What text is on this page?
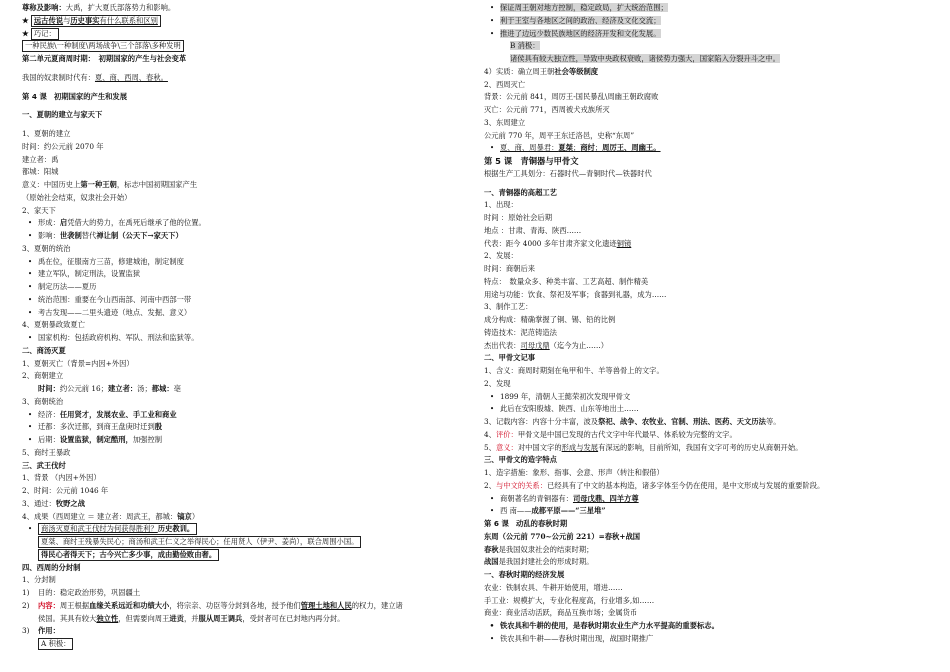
尊称及影响：大禹，扩大夏氏部落势力和影响。
★ 远古传说与历史事实有什么联系和区别
★ 巧记：
一种民族\一种制度\两场战争\三个部落\多种发明
第二单元夏商周时期：　 初期国家的产生与社会变革
我国的奴隶制时代有：夏、商、西周、春秋。
第 4 课　初期国家的产生和发展
一、夏朝的建立与家天下
1、夏朝的建立
时间：约公元前 2070 年
建立者：禹
都城：阳城
意义：中国历史上第一种王朝，标志中国初期国家产生
（原始社会结束，奴隶社会开始）
2、家天下
• 形成：启凭借大的势力，在禹死后继承了他的位置。
• 影响：世袭制替代禅让制（公天下→家天下）
3、夏朝的统治
• 禹在位，征服南方三苗，修建城池，制定制度
• 建立军队，制定刑法，设置监狱
• 制定历法——夏历
• 统治范围：重要在今山西南部、河南中西部一带
• 考古发现——二里头遗迹（地点、发掘、意义）
4、夏朝暴政致夏亡
• 国家机构：包括政府机构、军队、刑法和监狱等。
二、商汤灭夏
1、夏朝灭亡（背景=内因+外因）
2、商朝建立
时间：约公元前 16；建立者：汤；都城：亳
3、商朝统治
• 经济：任用贤才，发展农业、手工业和商业
• 迁都：多次迁都，到商王盘庚时迁到殷
• 后期：设置监狱，制定酷刑，加强控制
5、商纣王暴政
三、武王伐纣
1、背景 （内因+外因）
2、时间：公元前 1046 年
3、通过：牧野之战
4、成果（西周建立 ＝ 建立者：周武王，都城：镐京）
• 商汤灭夏和武王伐纣为何获得胜利？历史教训。
夏桀、商纣王残暴失民心；商汤和武王仁义之举得民心；任用贤人（伊尹、姜尚），联合周围小国。
得民心者得天下；古今兴亡多少事，成由勤俭败由奢。
四、西周的分封制
1、分封制
1) 目的：稳定政治形势，巩固疆土
2) 内容：周王根据血缘关系远近和功绩大小，将宗亲、功臣等分封到各地，授予他们管理土地和人民的权力，建立诸
侯国。其具有较大独立性，但需要向周王进贡，并服从周王调兵，受封者可在已封地内再分封。
3) 作用：
A 积极：
• 保证周王朝对地方控制，稳定政局，扩大统治范围；
• 利于王室与各地区之间的政治、经济及文化交流；
• 推进了边远少数民族地区的经济开发和文化发展。
B 消极：
诸侯具有较大独立性，导致中央政权衰败，诸侯势力强大，国家陷入分裂升斗之中。
4）实质：确立周王朝社会等级制度
2、西周灭亡
背景：公元前 841，周厉王-国民暴乱\周幽王朝政腐败
灭亡：公元前 771，西周被犬戎族所灭
3、东周建立
公元前 770 年，周平王东迁洛邑，史称“东周”
• 夏、商、周暴君：夏桀；商纣；周厉王、周幽王。
第 5 课　青铜器与甲骨文
根据生产工具划分：石器时代—青铜时代—铁器时代
一、青铜器的高超工艺
1、出现：
时间 ：原始社会后期
地点 ：甘肃、青海、陕西……
代表：距今 4000 多年甘肃齐家文化遗迹铜镜
2、发展：
时间：商朝后来
特点：　数量众多、种类丰富、工艺高超、制作精美
用途与功能：饮食、祭祀及军事；食器到礼器，成为……
3、制作工艺：
成分构成：精确掌握了铜、锡、铅的比例
铸造技术：泥范铸造法
杰出代表：司母戊鼎（迄今为止……）
二、甲骨文记事
1、含义：商周时期刻在龟甲和牛、羊等兽骨上的文字。
2、发现
• 1899 年，清朝人王懿荣初次发现甲骨文
• 此后在安阳殷墟、陕西、山东等地出土……
3、记载内容：内容十分丰富，波及祭祀、战争、农牧业、官制、刑法、医药、天文历法等。
4、评价：甲骨文是中国已发现的古代文字中年代最早、体系较为完整的文字。
5、意义：对中国文字的形成与发展有深远的影响，目前所知，我国有文字可考的历史从商朝开始。
三、甲骨文的造字特点
1、造字措施：象形、指事、会意、形声（转注和假借）
2、与中文的关系：已经具有了中文的基本构造，诸多字体至今仍在使用，是中文形成与发展的重要阶段。
• 商朝著名的青铜器有：司母戊鼎、四羊方尊
• 西 南——成都平原——“三星堆”
第 6 课　动乱的春秋时期
东周（公元前 770~公元前 221）=春秋+战国
春秋是我国奴隶社会的结束时期；
战国是我国封建社会的形成时期。
一、春秋时期的经济发展
农业：铁制农具、牛耕开始使用，增进……
手工业：规模扩大，专业化程度高，行业增多,如……
商业：商业活动活跃，商品互换市场；金属货币
• 铁农具和牛耕的使用，是春秋时期农业生产力水平提高的重要标志。
• 铁农具和牛耕——春秋时期出现，战国时期推广
